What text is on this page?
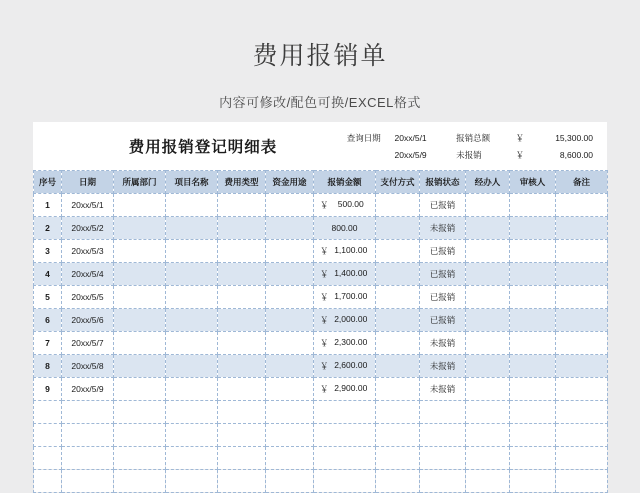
费用报销单
内容可修改/配色可换/EXCEL格式
费用报销登记明细表
查询日期	20xx/5/1	报销总额	￥	15,300.00
20xx/5/9	未报销	￥	8,600.00
序号	日期	所属部门	项目名称	费用类型	资金用途	报销金额	支付方式	报销状态	经办人	审核人	备注
1	20xx/5/1					￥ 500.00		已报销			
2	20xx/5/2					800.00		未报销			
3	20xx/5/3					￥ 1,100.00		已报销			
4	20xx/5/4					￥ 1,400.00		已报销			
5	20xx/5/5					￥ 1,700.00		已报销			
6	20xx/5/6					￥ 2,000.00		已报销			
7	20xx/5/7					￥ 2,300.00		未报销			
8	20xx/5/8					￥ 2,600.00		未报销			
9	20xx/5/9					￥ 2,900.00		未报销			
